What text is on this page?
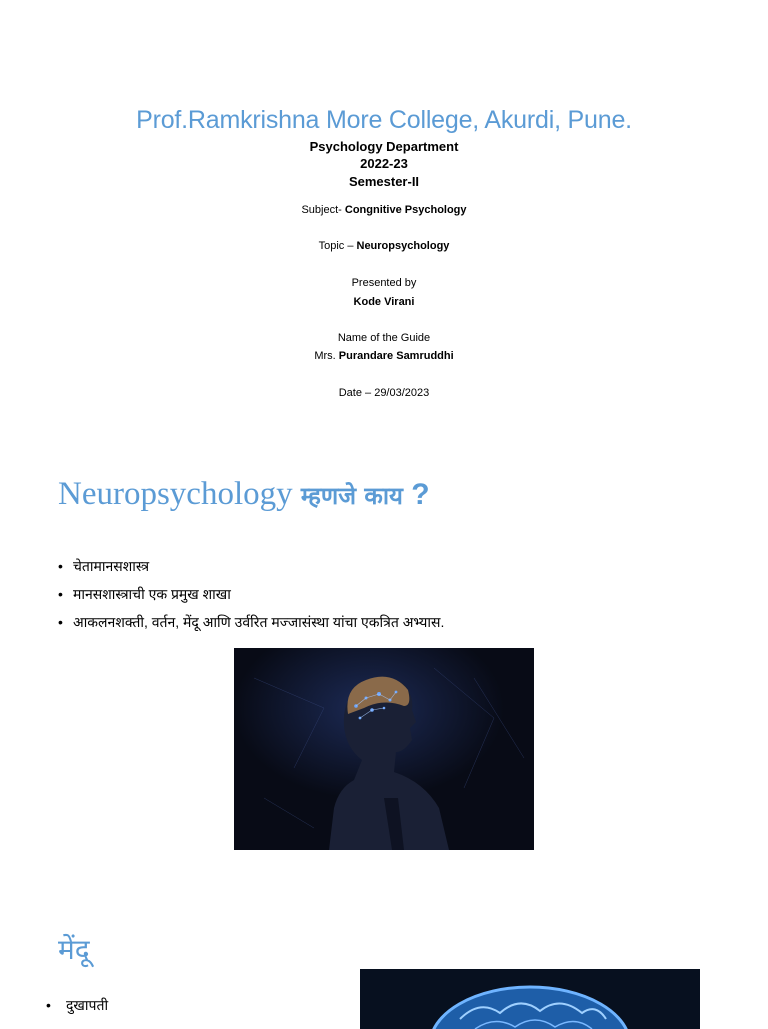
Prof.Ramkrishna More College, Akurdi, Pune.
Psychology Department
2022-23
Semester-II
Subject- Congnitive Psychology
Topic – Neuropsychology
Presented by
Kode Virani
Name of the Guide
Mrs. Purandare Samruddhi
Date – 29/03/2023
Neuropsychology म्हणजे काय ?
• चेतामानसशास्त्र
• मानसशास्त्राची एक प्रमुख शाखा
• आकलनशक्ती, वर्तन, मेंदू आणि उर्वरित मज्जासंस्था यांचा एकत्रित अभ्यास.
मेंदू
• दुखापती
